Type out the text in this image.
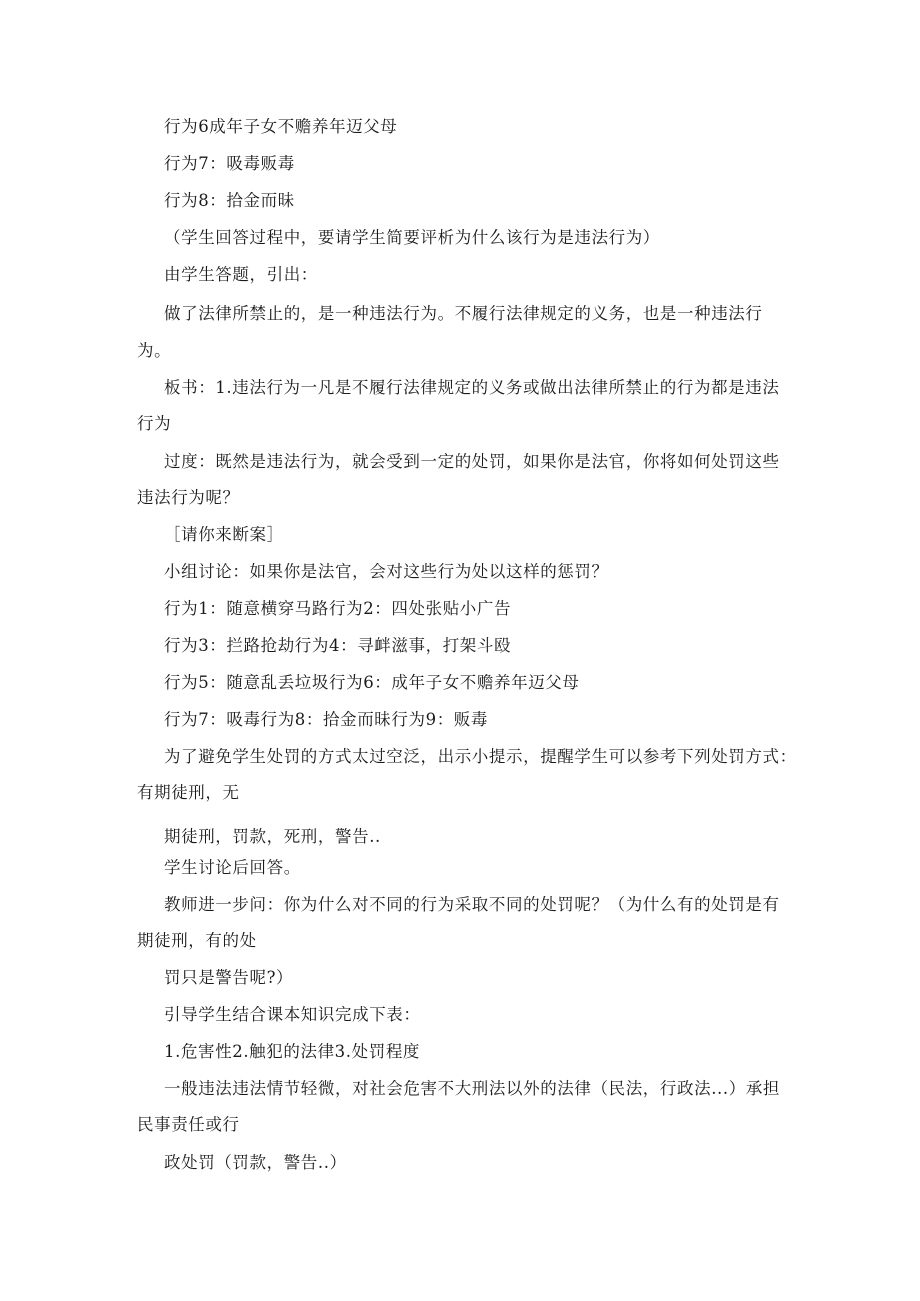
行为6成年子女不赡养年迈父母
行为7：吸毒贩毒
行为8：拾金而昧
（学生回答过程中，要请学生简要评析为什么该行为是违法行为）
由学生答题，引出：
做了法律所禁止的，是一种违法行为。不履行法律规定的义务，也是一种违法行
为。
板书：1.违法行为一凡是不履行法律规定的义务或做出法律所禁止的行为都是违法
行为
过度：既然是违法行为，就会受到一定的处罚，如果你是法官，你将如何处罚这些
违法行为呢？
［请你来断案］
小组讨论：如果你是法官，会对这些行为处以这样的惩罚？
行为1：随意横穿马路行为2：四处张贴小广告
行为3：拦路抢劫行为4：寻衅滋事，打架斗殴
行为5：随意乱丢垃圾行为6：成年子女不赡养年迈父母
行为7：吸毒行为8：拾金而昧行为9：贩毒
为了避免学生处罚的方式太过空泛，出示小提示，提醒学生可以参考下列处罚方式：
有期徒刑，无
期徒刑，罚款，死刑，警告..
学生讨论后回答。
教师进一步问：你为什么对不同的行为采取不同的处罚呢？（为什么有的处罚是有
期徒刑，有的处
罚只是警告呢?）
引导学生结合课本知识完成下表：
1.危害性2.触犯的法律3.处罚程度
一般违法违法情节轻微，对社会危害不大刑法以外的法律（民法，行政法...）承担
民事责任或行
政处罚（罚款，警告..）
